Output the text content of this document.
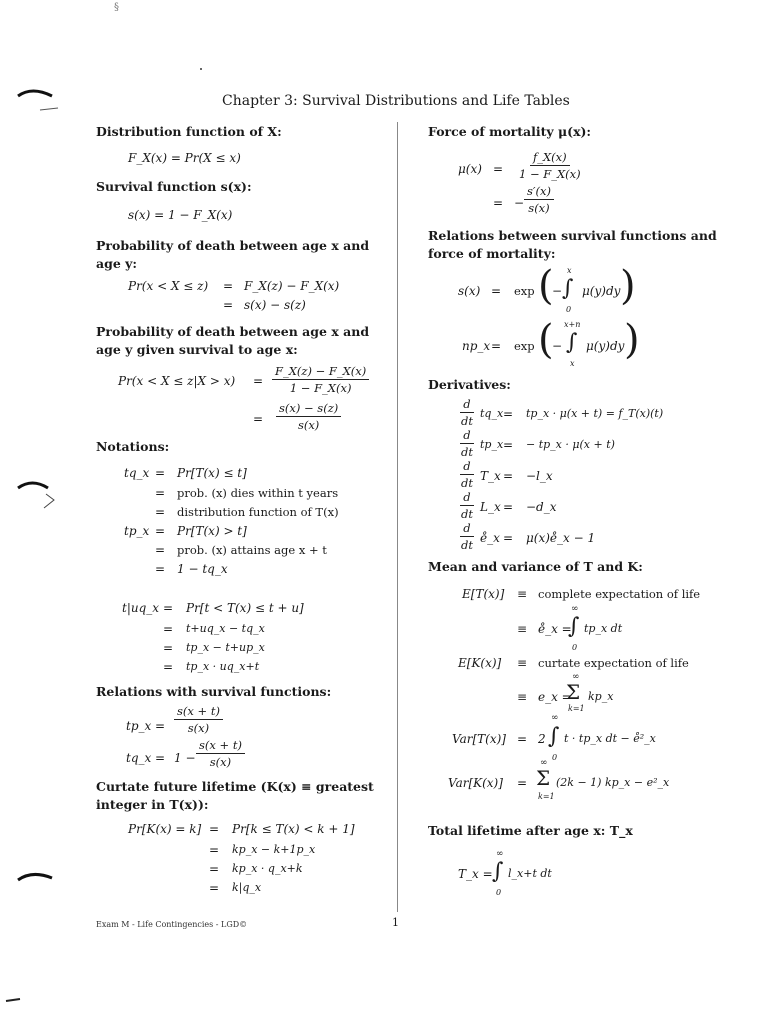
§
Chapter 3: Survival Distributions and Life Tables
Distribution function of X:
F_X(x) = Pr(X ≤ x)
Survival function s(x):
s(x) = 1 − F_X(x)
Probability of death between age x and age y:
Pr(x < X ≤ z)	= F_X(z) − F_X(x)
= s(x) − s(z)
Probability of death between age x and age y given survival to age x:
Pr(x < X ≤ z|X > x)	= $\frac{F\_X(z) - F\_X(x)}{1 - F\_X(x)}$
=	$\frac{s(x) - s(z)}{s(x)}$
Notations:
tq_x = Pr[T(x) ≤ t]
=	prob. (x) dies within t years
=	distribution function of T(x)
tp_x = Pr[T(x) > t]
=	prob. (x) attains age x + t
= 1 − tq_x
t|uq_x =	Pr[t < T(x) ≤ t + u]
=	t+uq_x − tq_x
=	tp_x − t+up_x
=	tp_x · uq_x+t
Relations with survival functions:
tp_x = $\frac{s(x + t)}{s(x)}$
tq_x = $1 - \frac{s(x + t)}{s(x)}$
Curtate future lifetime (K(x) ≡ greatest integer in T(x)):
Pr[K(x) = k] =	Pr[k ≤ T(x) < k + 1]
=	kp_x − k+1p_x
=	kp_x · q_x+k
=	k|q_x
Force of mortality μ(x):
μ(x) =	$\frac{f\_X(x)}{1 - F\_X(x)}$
= − $\frac{s'(x)}{s(x)}$
Relations between survival functions and force of mortality:
s(x) =	exp (
−
x
∫
0
μ(y)dy )
np_x =	exp (
−
x+n
∫
x
μ(y)dy )
Derivatives:
$\frac{d}{dt}$ tq_x =	tp_x · μ(x + t) = f_T(x)(t)
$\frac{d}{dt}$ tp_x =	− tp_x · μ(x + t)
$\frac{d}{dt}$ T_x =	−l_x
$\frac{d}{dt}$ L_x =	−d_x
$\frac{d}{dt}$ e̊_x =	μ(x)e̊_x − 1
Mean and variance of T and K:
E[T(x)]	≡ complete expectation of life
≡ e̊_x =
∞
∫
0
tp_x dt
E[K(x)]	≡ curtate expectation of life
≡ e_x =
∞
Σ
k=1
kp_x
Var[T(x)] = 2
∞
∫
0
t · tp_x dt − e̊²_x
Var[K(x)]	=
∞
Σ
k=1
(2k − 1) kp_x − e²_x
Total lifetime after age x: T_x
T_x =
∞
∫
0
l_x+t dt
Exam M - Life Contingencies - LGD©	1
